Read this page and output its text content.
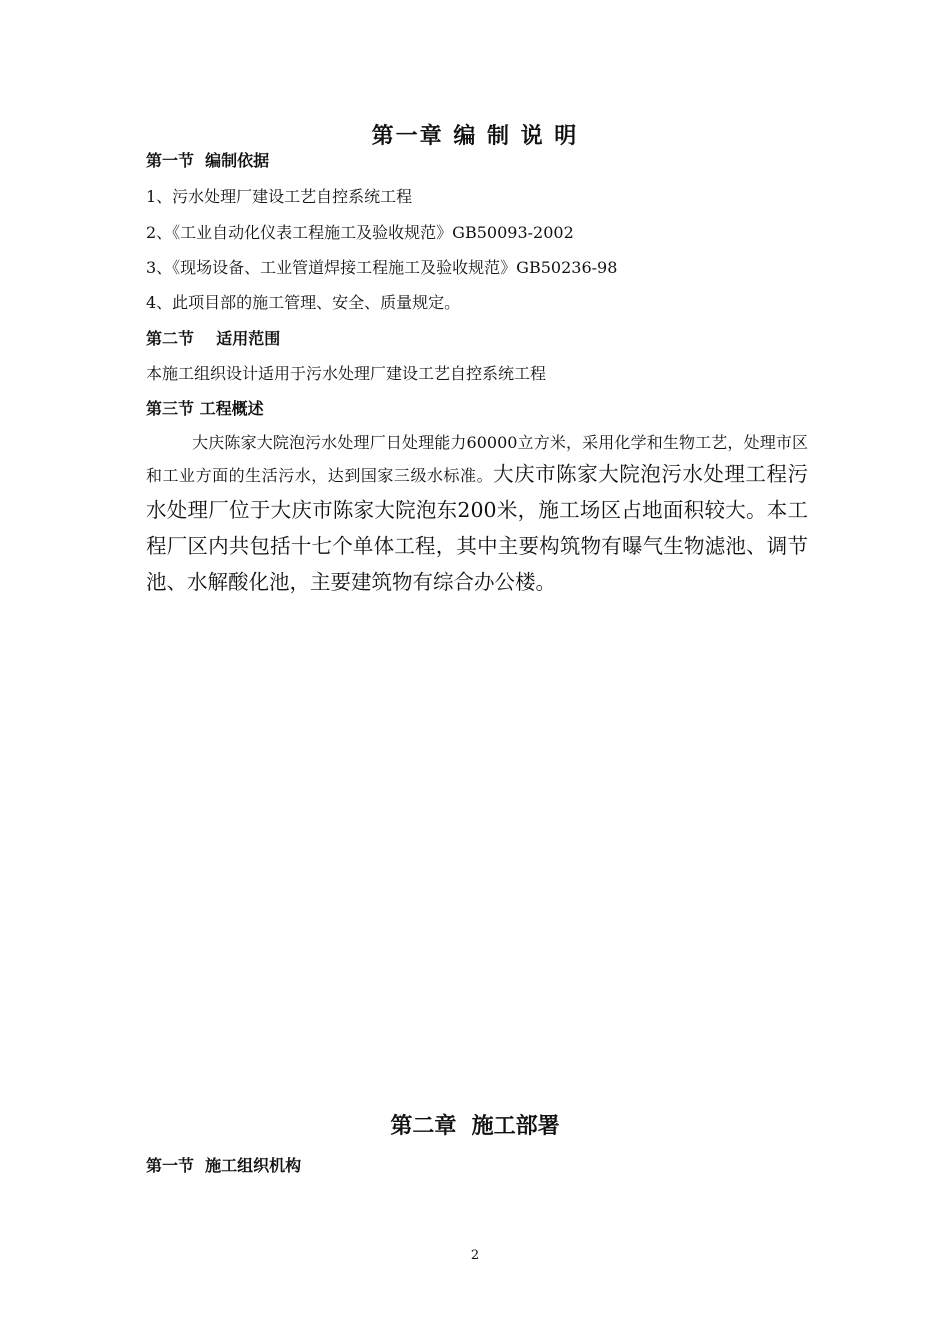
第一章 编 制 说 明
第一节  编制依据

1、污水处理厂建设工艺自控系统工程

2、《工业自动化仪表工程施工及验收规范》GB50093-2002

3、《现场设备、工业管道焊接工程施工及验收规范》GB50236-98

4、此项目部的施工管理、安全、质量规定。

第二节    适用范围

本施工组织设计适用于污水处理厂建设工艺自控系统工程

第三节 工程概述

大庆陈家大院泡污水处理厂日处理能力60000立方米，采用化学和生物工艺，处理市区和工业方面的生活污水，达到国家三级水标准。大庆市陈家大院泡污水处理工程污水处理厂位于大庆市陈家大院泡东200米，施工场区占地面积较大。本工程厂区内共包括十七个单体工程，其中主要构筑物有曝气生物滤池、调节池、水解酸化池，主要建筑物有综合办公楼。

第二章  施工部署
第一节  施工组织机构
2
